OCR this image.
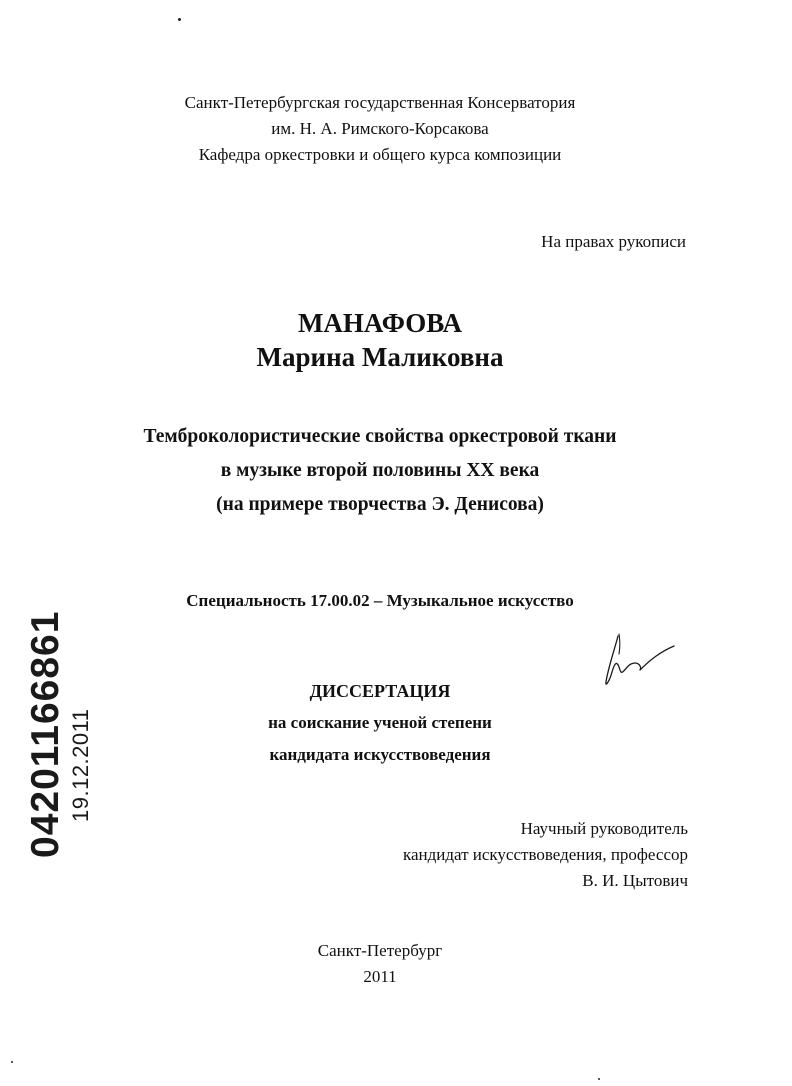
Санкт-Петербургская государственная Консерватория
им. Н. А. Римского-Корсакова
Кафедра оркестровки и общего курса композиции
На правах рукописи
МАНАФОВА
Марина Маликовна
Темброколористические свойства оркестровой ткани
в музыке второй половины XX века
(на примере творчества Э. Денисова)
Специальность 17.00.02 – Музыкальное искусство
ДИССЕРТАЦИЯ
на соискание ученой степени
кандидата искусствоведения
Научный руководитель
кандидат искусствоведения, профессор
В. И. Цытович
Санкт-Петербург
2011
04201166861 19.12.2011
